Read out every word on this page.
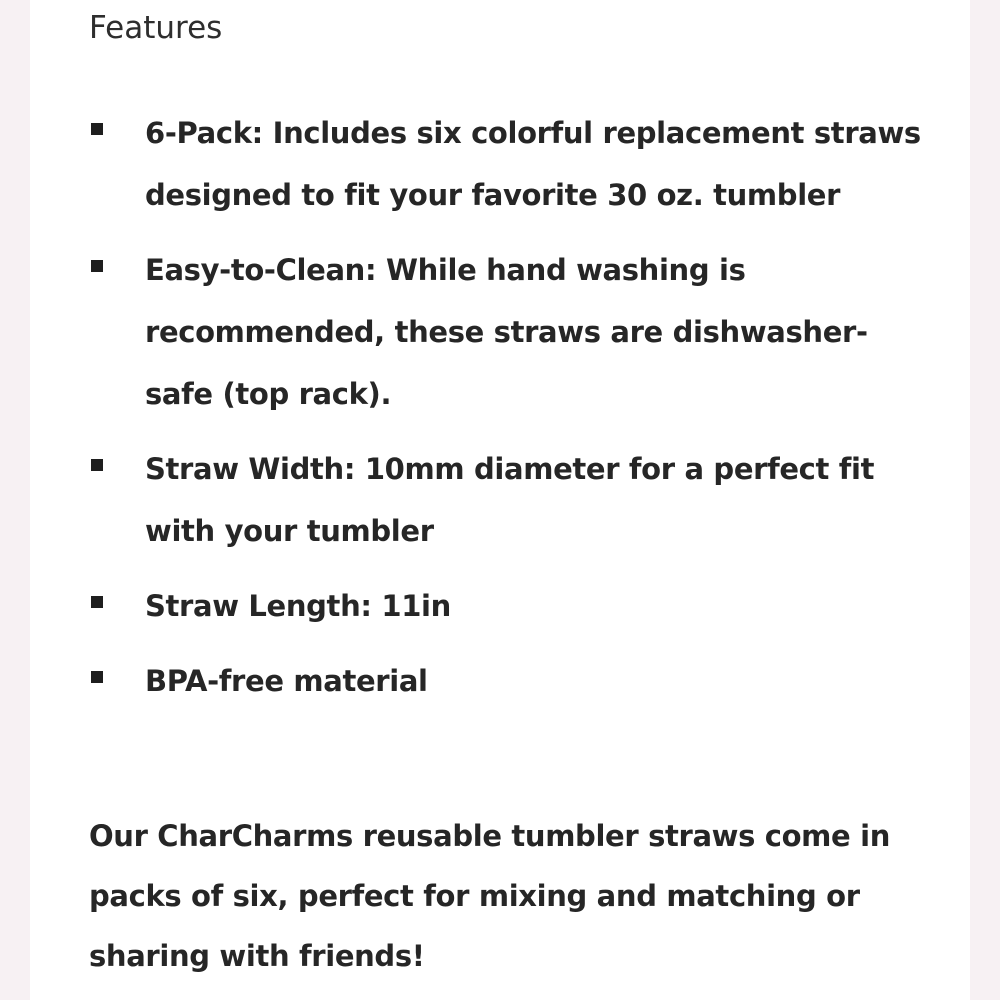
Features
6-Pack: Includes six colorful replacement straws designed to fit your favorite 30 oz. tumbler
Easy-to-Clean: While hand washing is recommended, these straws are dishwasher-safe (top rack).
Straw Width: 10mm diameter for a perfect fit with your tumbler
Straw Length: 11in
BPA-free material

Our CharCharms reusable tumbler straws come in packs of six, perfect for mixing and matching or sharing with friends!
